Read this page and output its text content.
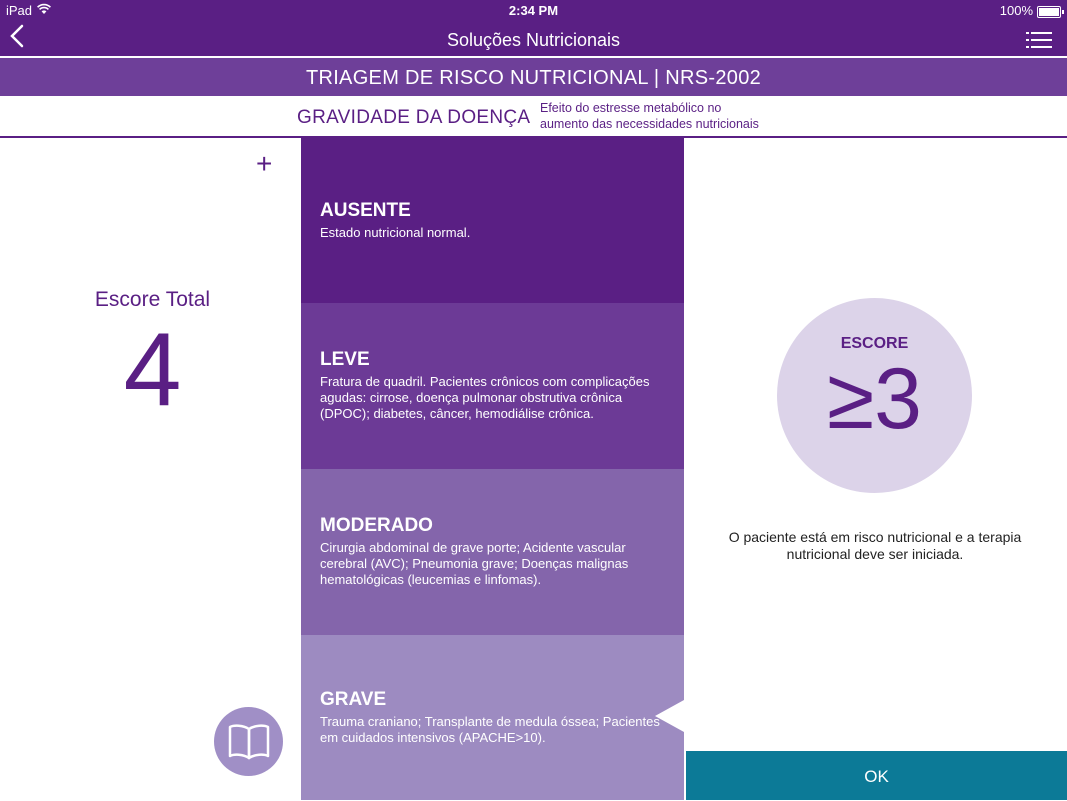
iPad	2:34 PM	100%
Soluções Nutricionais
TRIAGEM DE RISCO NUTRICIONAL | NRS-2002
GRAVIDADE DA DOENÇA Efeito do estresse metabólico no
aumento das necessidades nutricionais
+
Escore Total
4
AUSENTE
Estado nutricional normal.
LEVE
Fratura de quadril. Pacientes crônicos com complicações agudas: cirrose, doença pulmonar obstrutiva crônica (DPOC); diabetes, câncer, hemodiálise crônica.
MODERADO
Cirurgia abdominal de grave porte; Acidente vascular cerebral (AVC); Pneumonia grave; Doenças malignas hematológicas (leucemias e linfomas).
GRAVE
Trauma craniano; Transplante de medula óssea; Pacientes em cuidados intensivos (APACHE>10).
ESCORE
≥3
O paciente está em risco nutricional e a terapia nutricional deve ser iniciada.
OK
